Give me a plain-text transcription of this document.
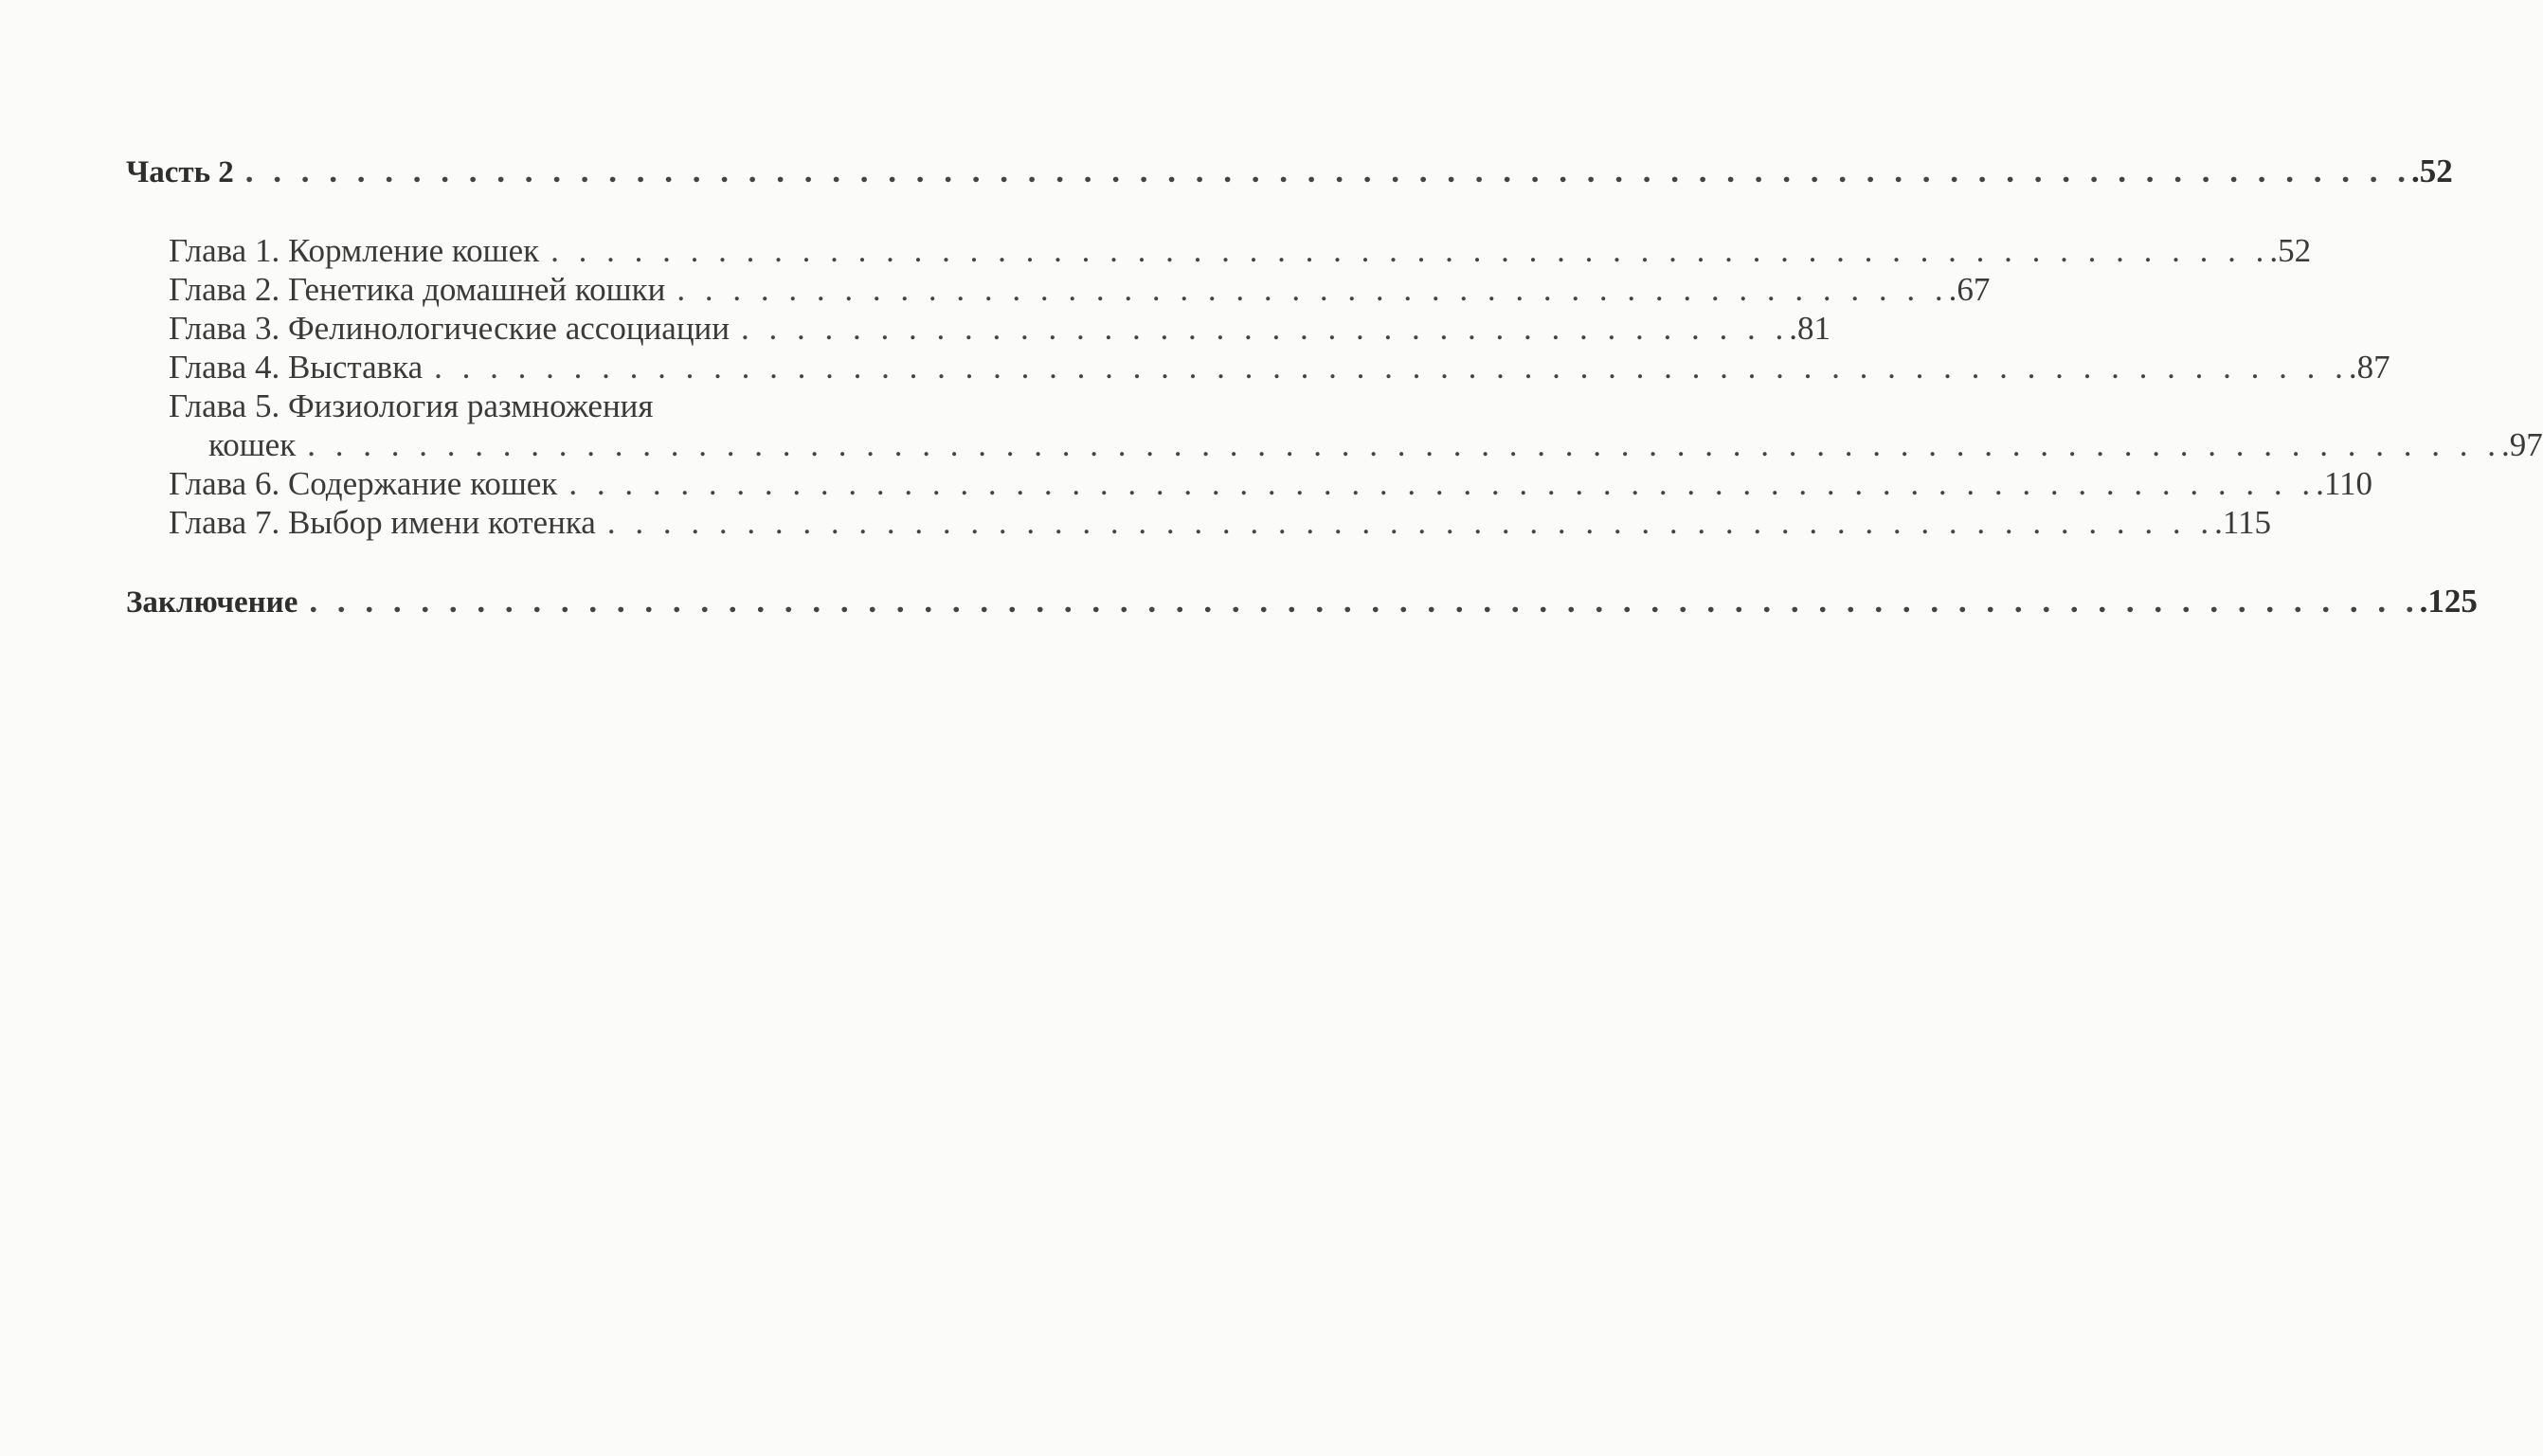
Часть 2 . . . . . . . . . . . . . . . . . . . . . . . . . . . . . . . . . . . . . . . . . . . . . . . . . . . . . . . . . . . . . . . . . . . . . . . . . . . . . . .52
Глава 1. Кормление кошек . . . . . . . . . . . . . . . . . . . . . . . . . . . . . . . . . . . . . . . . . . . . . . . . . . . . . . . . . . . . . . .52
Глава 2. Генетика домашней кошки . . . . . . . . . . . . . . . . . . . . . . . . . . . . . . . . . . . . . . . . . . . . . . .67
Глава 3. Фелинологические ассоциации . . . . . . . . . . . . . . . . . . . . . . . . . . . . . . . . . . . . . . .81
Глава 4. Выставка . . . . . . . . . . . . . . . . . . . . . . . . . . . . . . . . . . . . . . . . . . . . . . . . . . . . . . . . . . . . . . . . . . . . . .87
Глава 5. Физиология размножения
кошек . . . . . . . . . . . . . . . . . . . . . . . . . . . . . . . . . . . . . . . . . . . . . . . . . . . . . . . . . . . . . . . . . . . . . . . . . . . . . . . .97
Глава 6. Содержание кошек . . . . . . . . . . . . . . . . . . . . . . . . . . . . . . . . . . . . . . . . . . . . . . . . . . . . . . . . . . . . . . . .110
Глава 7. Выбор имени котенка . . . . . . . . . . . . . . . . . . . . . . . . . . . . . . . . . . . . . . . . . . . . . . . . . . . . . . . . . . .115
Заключение . . . . . . . . . . . . . . . . . . . . . . . . . . . . . . . . . . . . . . . . . . . . . . . . . . . . . . . . . . . . . . . . . . . . . . . . . . . . .125
